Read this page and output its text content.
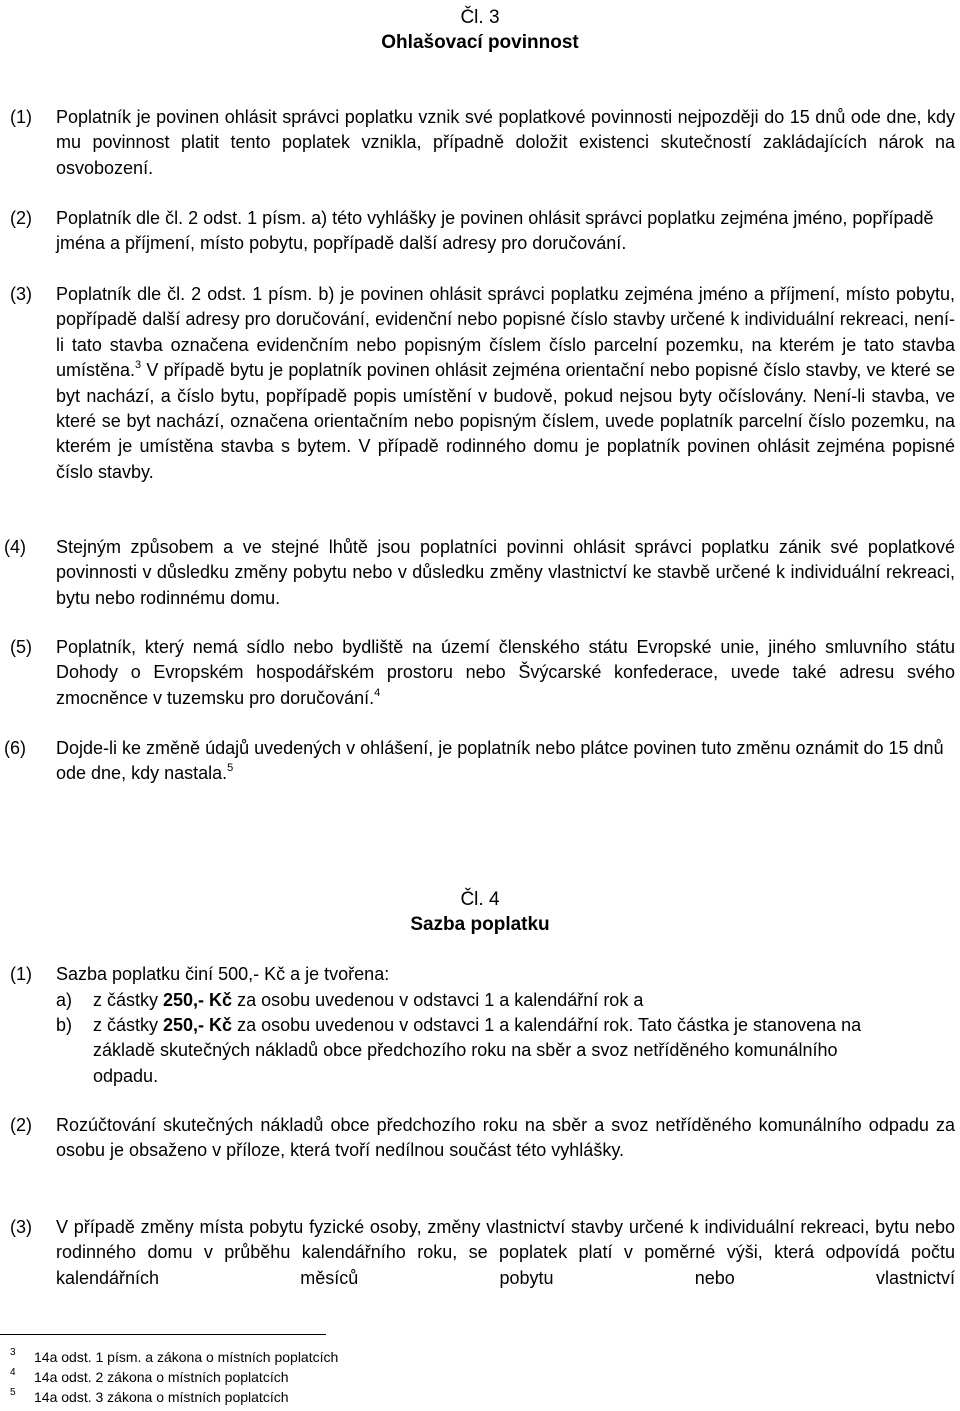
Čl. 3
Ohlašovací povinnost
(1) Poplatník je povinen ohlásit správci poplatku vznik své poplatkové povinnosti nejpozději do 15 dnů ode dne, kdy mu povinnost platit tento poplatek vznikla, případně doložit existenci skutečností zakládajících nárok na osvobození.

(2) Poplatník dle čl. 2 odst. 1 písm. a) této vyhlášky je povinen ohlásit správci poplatku zejména jméno, popřípadě jména a příjmení, místo pobytu, popřípadě další adresy pro doručování.

(3) Poplatník dle čl. 2 odst. 1 písm. b) je povinen ohlásit správci poplatku zejména jméno a příjmení, místo pobytu, popřípadě další adresy pro doručování, evidenční nebo popisné číslo stavby určené k individuální rekreaci, není-li tato stavba označena evidenčním nebo popisným číslem číslo parcelní pozemku, na kterém je tato stavba umístěna.$^3$ V případě bytu je poplatník povinen ohlásit zejména orientační nebo popisné číslo stavby, ve které se byt nachází, a číslo bytu, popřípadě popis umístění v budově, pokud nejsou byty očíslovány. Není-li stavba, ve které se byt nachází, označena orientačním nebo popisným číslem, uvede poplatník parcelní číslo pozemku, na kterém je umístěna stavba s bytem. V případě rodinného domu je poplatník povinen ohlásit zejména popisné číslo stavby.

(4) Stejným způsobem a ve stejné lhůtě jsou poplatníci povinni ohlásit správci poplatku zánik své poplatkové povinnosti v důsledku změny pobytu nebo v důsledku změny vlastnictví ke stavbě určené k individuální rekreaci, bytu nebo rodinnému domu.

(5) Poplatník, který nemá sídlo nebo bydliště na území členského státu Evropské unie, jiného smluvního státu Dohody o Evropském hospodářském prostoru nebo Švýcarské konfederace, uvede také adresu svého zmocněnce v tuzemsku pro doručování.$^4$

(6) Dojde-li ke změně údajů uvedených v ohlášení, je poplatník nebo plátce povinen tuto změnu oznámit do 15 dnů ode dne, kdy nastala.$^5$

Čl. 4
Sazba poplatku
(1) Sazba poplatku činí 500,- Kč a je tvořena:

a) z částky 250,- Kč za osobu uvedenou v odstavci 1 a kalendářní rok a
b) z částky 250,- Kč za osobu uvedenou v odstavci 1 a kalendářní rok. Tato částka je stanovena na základě skutečných nákladů obce předchozího roku na sběr a svoz netříděného komunálního odpadu.
(2) Rozúčtování skutečných nákladů obce předchozího roku na sběr a svoz netříděného komunálního odpadu za osobu je obsaženo v příloze, která tvoří nedílnou součást této vyhlášky.

(3) V případě změny místa pobytu fyzické osoby, změny vlastnictví stavby určené k individuální rekreaci, bytu nebo rodinného domu v průběhu kalendářního roku, se poplatek platí v poměrné výši, která odpovídá počtu kalendářních měsíců pobytu nebo vlastnictví

3 14a odst. 1 písm. a zákona o místních poplatcích
4 14a odst. 2 zákona o místních poplatcích
5 14a odst. 3 zákona o místních poplatcích
